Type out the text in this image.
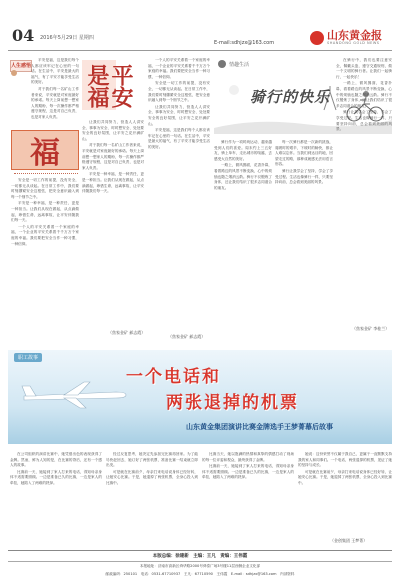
04 2016年5月29日 星期四
E-mail:sdhjzx@163.com
山东黄金报
SHANDONG GOLD NEWS
人生感悟

平安是福，这是我们每个人都应该牢记在心里的一句话。在生活中，平安是最大的福气，有了平安才能享受生活的美好。

对于我们每一名矿山工作者来说，平安就是对家庭最好的承诺。每天上岗前想一想家人的期盼，每一次操作都严格遵守规程，这是对自己负责，也是对家人负责。

福

安全是一切工作的前提，没有安全，一切都无从谈起。在日常工作中，我们要时刻绷紧安全这根弦，把安全意识融入到每一个细节之中。

平安是一种幸福，是一种责任，更是一种担当。让我们从现在做起，从点滴做起，珍惜生命，远离事故，让平安伴随我们每一天。

一个人的平安关系着一个家庭的幸福，一个企业的平安关系着千千万万个家庭的幸福。我们要把安全当作一种习惯，一种信仰。

平安是福

让我们共同努力，营造人人讲安全、事事为安全、时时想安全、处处要安全的良好氛围，让平安之花开满矿山。

对于我们每一名矿山工作者来说，平安就是对家庭最好的承诺。每天上岗前想一想家人的期盼，每一次操作都严格遵守规程，这是对自己负责，也是对家人负责。

平安是一种幸福，是一种责任，更是一种担当。让我们从现在做起，从点滴做起，珍惜生命，远离事故，让平安伴随我们每一天。

（焦家金矿 郝志霞）

一个人的平安关系着一个家庭的幸福，一个企业的平安关系着千千万万个家庭的幸福。我们要把安全当作一种习惯，一种信仰。

安全是一切工作的前提，没有安全，一切都无从谈起。在日常工作中，我们要时刻绷紧安全这根弦，把安全意识融入到每一个细节之中。

让我们共同努力，营造人人讲安全、事事为安全、时时想安全、处处要安全的良好氛围，让平安之花开满矿山。

平安是福，这是我们每个人都应该牢记在心里的一句话。在生活中，平安是最大的福气，有了平安才能享受生活的美好。

（焦家金矿 郝志霞）
情趣生活
骑行的快乐

骑行作为一项时尚运动，越来越受到人们的喜爱。周末约上三五好友，骑上单车，走出城市的喧嚣，去感受大自然的美好。

一路上，微风拂面，花香扑鼻，看着路边的风景不断变换，心中的烦恼也随之烟消云散。骑行不仅锻炼了身体，还让我们结识了很多志同道合的朋友。

每一次骑行都是一次新的挑战，爬坡时的艰辛，下坡时的畅快，都让人难以忘怀。当我们到达目的地，回望走过的路，那种成就感无法用语言形容。

骑行让我学会了坚持，学会了享受过程。生活也像骑行一样，只要坚持向前，总会看到美丽的风景。

在骑行中，我们也要注意安全，佩戴头盔，遵守交通规则，做一个文明的骑行者。让我们一起骑行，一起快乐！

一路上，微风拂面，花香扑鼻，看着路边的风景不断变换，心中的烦恼也随之烟消云散。骑行不仅锻炼了身体，还让我们结识了很多志同道合的朋友。

骑行让我学会了坚持，学会了享受过程。生活也像骑行一样，只要坚持向前，总会看到美丽的风景。

（焦家金矿 李桂兰）
职工故事
一个电话和
两张退掉的机票
山东黄金集团演讲比赛金牌选手王梦菁幕后故事

在公司组织的演讲比赛中，她凭借出色的表现获得了金牌。然而，鲜为人知的是，在比赛的背后，还有一个感人的故事。

比赛前一天，她接到了家人打来的电话，得知母亲身体不适需要照顾。一边是准备已久的比赛，一边是家人的牵挂，她陷入了两难的抉择。

经过反复思考，她决定先参加完比赛再回家。为了能尽快赶回去，她订好了两张机票，准备比赛一结束就立即出发。

可是就在比赛前夕，母亲打来电话说身体已经好转，让她安心比赛。于是，她退掉了两张机票，全身心投入到比赛中。

比赛当天，她以饱满的热情和真挚的情感打动了现场的每一位评委和观众，最终获得了金牌。

比赛前一天，她接到了家人打来的电话，得知母亲身体不适需要照顾。一边是准备已久的比赛，一边是家人的牵挂，她陷入了两难的抉择。

她说：这份荣誉不仅属于我自己，更属于一直默默支持我的家人和同事们。一个电话，两张退掉的机票，见证了她的坚持与成长。

可是就在比赛前夕，母亲打来电话说身体已经好转，让她安心比赛。于是，她退掉了两张机票，全身心投入到比赛中。

（金创集团 王梦菁）
本版总编：徐建新　主编：王凡　责编：王伟霞
本报地址：济南市高新区舜华路2000号舜泰广场3号楼11层西侧企业文化部
邮政编码：250101　电话：0531-67710937　王凡：67710590　王伟霞　E-mail：sdhjzx@163.com　内部资料
